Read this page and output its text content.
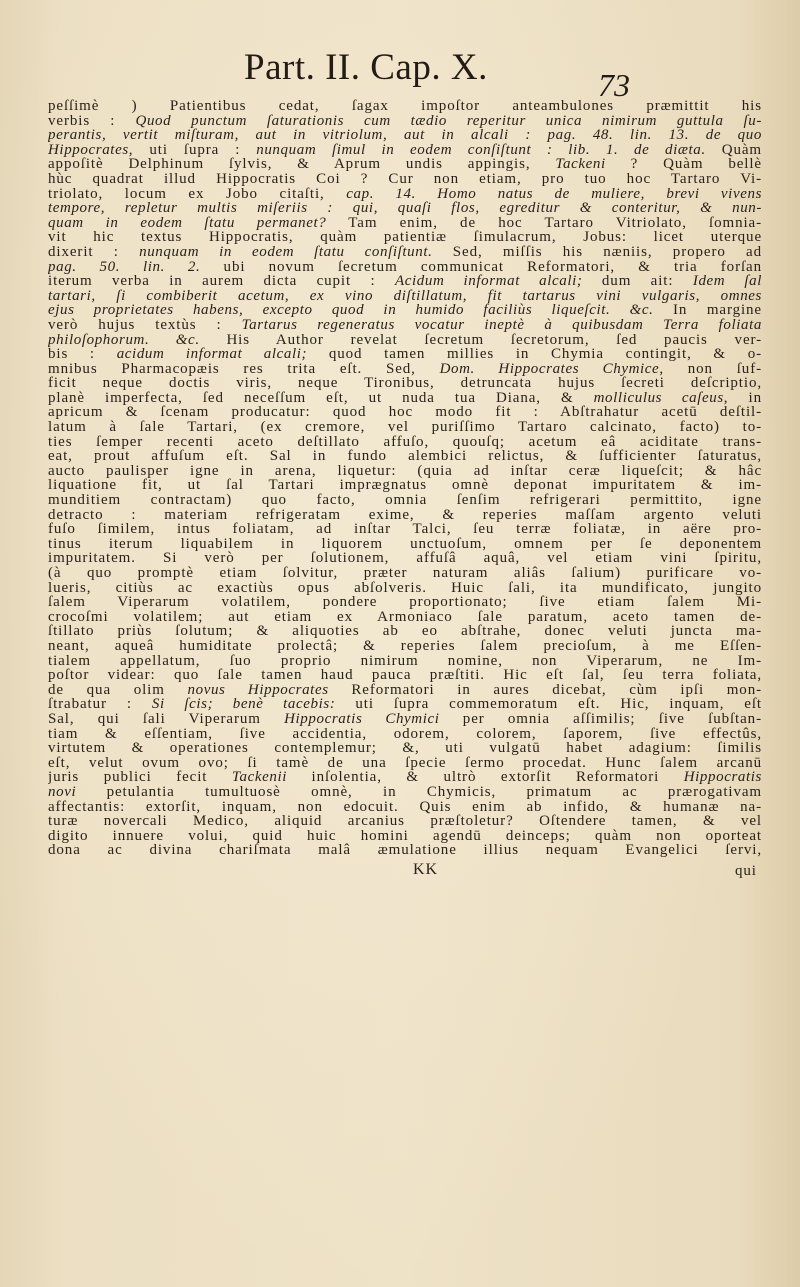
Part. II. Cap. X.	73
peſſimè ) Patientibus cedat, ſagax impoſtor anteambulones præmittit his
verbis : Quod punctum ſaturationis cum tædio reperitur unica nimirum guttula ſu-
perantis, vertit miſturam, aut in vitriolum, aut in alcali : pag. 48. lin. 13. de quo
Hippocrates, uti ſupra : nunquam ſimul in eodem conſiſtunt : lib. 1. de diæta. Quàm
appoſitè Delphinum ſylvis, & Aprum undis appingis, Tackeni ? Quàm bellè
hùc quadrat illud Hippocratis Coi ? Cur non etiam, pro tuo hoc Tartaro Vi-
triolato, locum ex Jobo citaſti, cap. 14. Homo natus de muliere, brevi vivens
tempore, repletur multis miſeriis : qui, quaſi flos, egreditur & conteritur, & nun-
quam in eodem ſtatu permanet? Tam enim, de hoc Tartaro Vitriolato, ſomnia-
vit hic textus Hippocratis, quàm patientiæ ſimulacrum, Jobus: licet uterque
dixerit : nunquam in eodem ſtatu conſiſtunt. Sed, miſſis his næniis, propero ad
pag. 50. lin. 2. ubi novum ſecretum communicat Reformatori, & tria forſan
iterum verba in aurem dicta cupit : Acidum informat alcali; dum ait: Idem ſal
tartari, ſi combiberit acetum, ex vino diſtillatum, fit tartarus vini vulgaris, omnes
ejus proprietates habens, excepto quod in humido faciliùs liqueſcit. &c. In margine
verò hujus textùs : Tartarus regeneratus vocatur ineptè à quibusdam Terra foliata
philoſophorum. &c. His Author revelat ſecretum ſecretorum, ſed paucis ver-
bis : acidum informat alcali; quod tamen millies in Chymia contingit, & o-
mnibus Pharmacopæis res trita eſt. Sed, Dom. Hippocrates Chymice, non ſuf-
ficit neque doctis viris, neque Tironibus, detruncata hujus ſecreti deſcriptio,
planè imperfecta, ſed neceſſum eſt, ut nuda tua Diana, & molliculus caſeus, in
apricum & ſcenam producatur: quod hoc modo fit : Abſtrahatur acetū deſtil-
latum à ſale Tartari, (ex cremore, vel puriſſimo Tartaro calcinato, facto) to-
ties ſemper recenti aceto deſtillato affuſo, quouſq; acetum eâ aciditate trans-
eat, prout affuſum eſt. Sal in fundo alembici relictus, & ſufficienter ſaturatus,
aucto paulisper igne in arena, liquetur: (quia ad inſtar ceræ liqueſcit; & hâc
liquatione fit, ut ſal Tartari imprægnatus omnè deponat impuritatem & im-
munditiem contractam) quo facto, omnia ſenſim refrigerari permittito, igne
detracto : materiam refrigeratam exime, & reperies maſſam argento veluti
fuſo ſimilem, intus foliatam, ad inſtar Talci, ſeu terræ foliatæ, in aëre pro-
tinus iterum liquabilem in liquorem unctuoſum, omnem per ſe deponentem
impuritatem. Si verò per ſolutionem, affuſâ aquâ, vel etiam vini ſpiritu,
(à quo promptè etiam ſolvitur, præter naturam aliâs ſalium) purificare vo-
lueris, citiùs ac exactiùs opus abſolveris. Huic ſali, ita mundificato, jungito
ſalem Viperarum volatilem, pondere proportionato; ſive etiam ſalem Mi-
crocoſmi volatilem; aut etiam ex Armoniaco ſale paratum, aceto tamen de-
ſtillato priùs ſolutum; & aliquoties ab eo abſtrahe, donec veluti juncta ma-
neant, aqueâ humiditate prolectâ; & reperies ſalem precioſum, à me Eſſen-
tialem appellatum, ſuo proprio nimirum nomine, non Viperarum, ne Im-
poſtor videar: quo ſale tamen haud pauca præſtiti. Hic eſt ſal, ſeu terra foliata,
de qua olim novus Hippocrates Reformatori in aures dicebat, cùm ipſi mon-
ſtrabatur : Si ſcis; benè tacebis: uti ſupra commemoratum eſt. Hic, inquam, eſt
Sal, qui ſali Viperarum Hippocratis Chymici per omnia aſſimilis; ſive ſubſtan-
tiam & eſſentiam, ſive accidentia, odorem, colorem, ſaporem, ſive effectûs,
virtutem & operationes contemplemur; &, uti vulgatū habet adagium: ſimilis
eſt, velut ovum ovo; ſi tamè de una ſpecie ſermo procedat. Hunc ſalem arcanū
juris publici fecit Tackenii inſolentia, & ultrò extorſit Reformatori Hippocratis
novi petulantia tumultuosè omnè, in Chymicis, primatum ac prærogativam
affectantis: extorſit, inquam, non edocuit. Quis enim ab infido, & humanæ na-
turæ novercali Medico, aliquid arcanius præſtoletur? Oſtendere tamen, & vel
digito innuere volui, quid huic homini agendū deinceps; quàm non oporteat
dona ac divina chariſmata malâ æmulatione illius nequam Evangelici ſervi,
KK	qui
